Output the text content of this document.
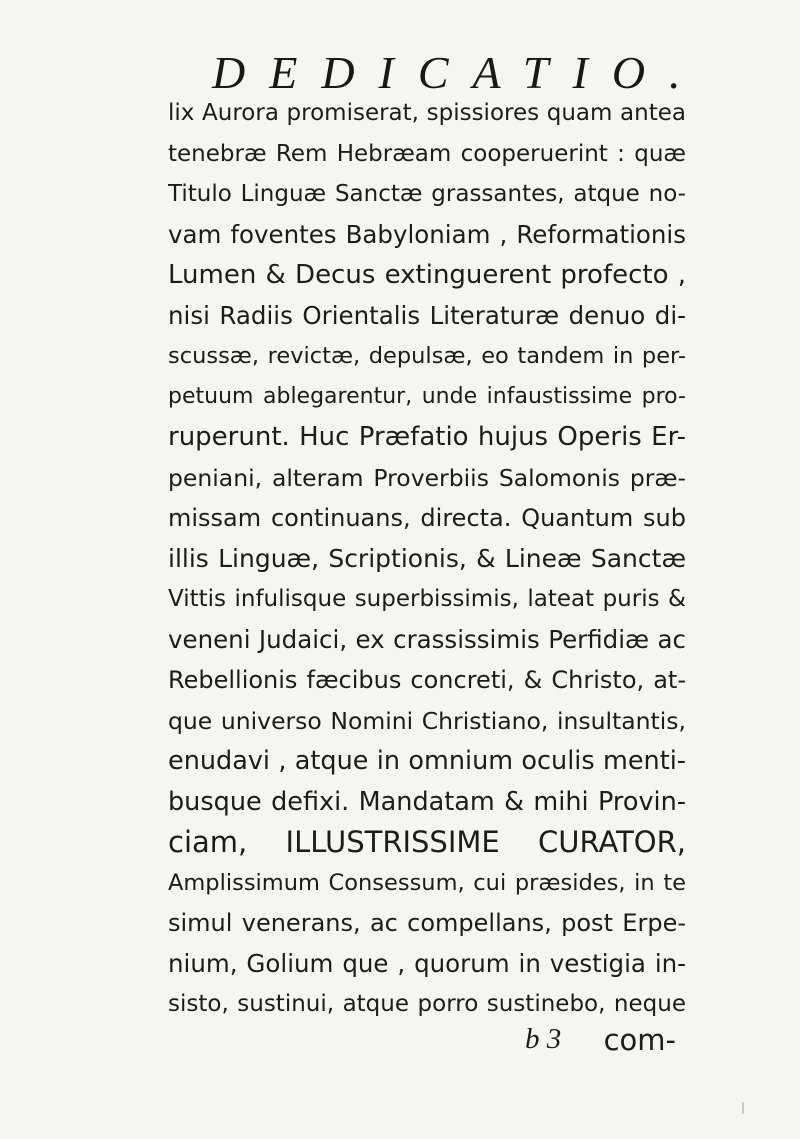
DEDICATIO.
lix Aurora promiserat, spissiores quam antea
tenebræ Rem Hebræam cooperuerint : quæ
Titulo Linguæ Sanctæ grassantes, atque no-
vam foventes Babyloniam , Reformationis
Lumen & Decus extinguerent profecto ,
nisi Radiis Orientalis Literaturæ denuo di-
scussæ, revictæ, depulsæ, eo tandem in per-
petuum ablegarentur, unde infaustissime pro-
ruperunt. Huc Præfatio hujus Operis Er-
peniani, alteram Proverbiis Salomonis præ-
missam continuans, directa. Quantum sub
illis Linguæ, Scriptionis, & Lineæ Sanctæ
Vittis infulisque superbissimis, lateat puris &
veneni Judaici, ex crassissimis Perfidiæ ac
Rebellionis fæcibus concreti, & Christo, at-
que universo Nomini Christiano, insultantis,
enudavi , atque in omnium oculis menti-
busque defixi. Mandatam & mihi Provin-
ciam, ILLUSTRISSIME CURATOR,
Amplissimum Consessum, cui præsides, in te
simul venerans, ac compellans, post Erpe-
nium, Golium que , quorum in vestigia in-
sisto, sustinui, atque porro sustinebo, neque
b 3 com-
